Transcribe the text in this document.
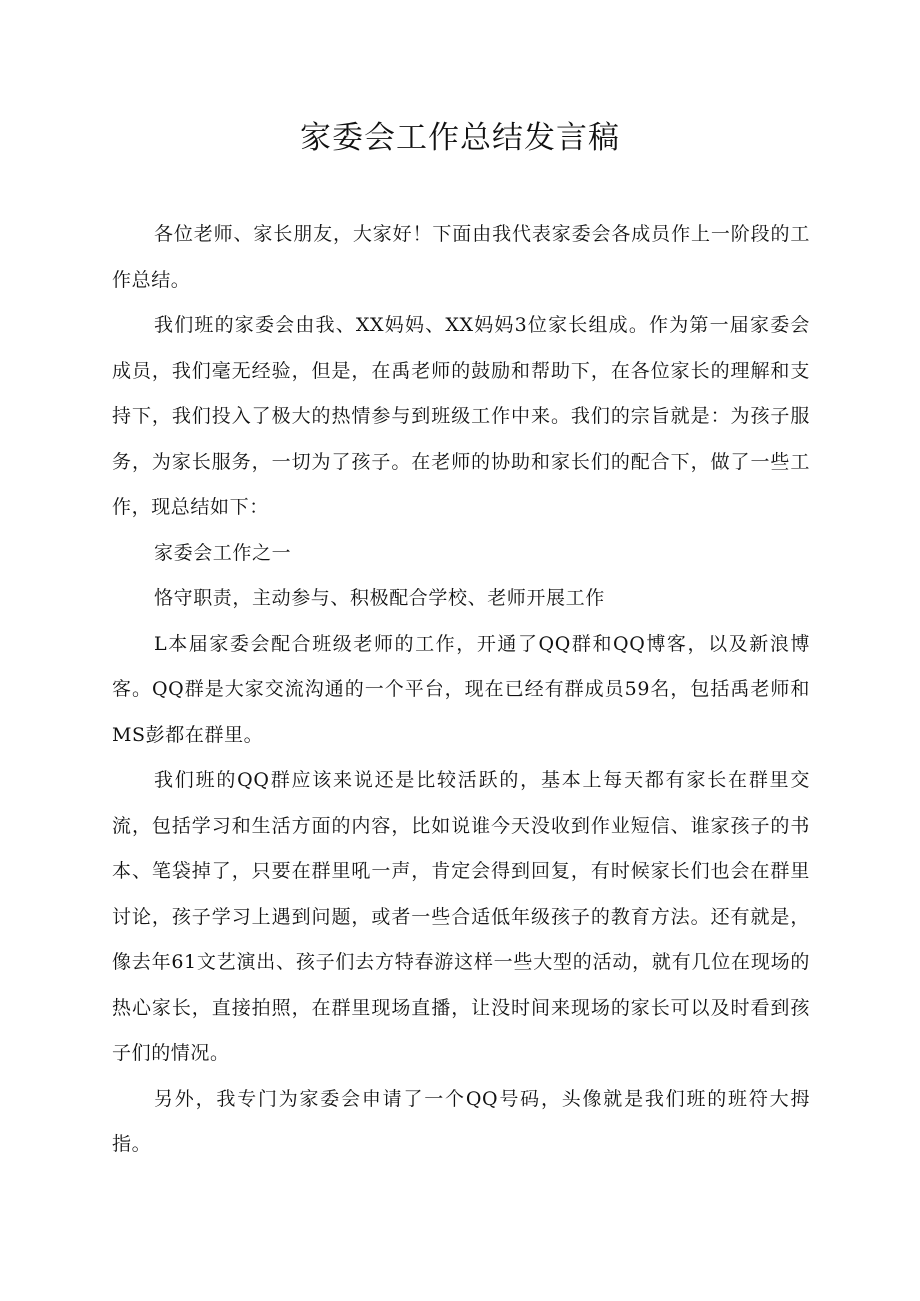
家委会工作总结发言稿

各位老师、家长朋友，大家好！下面由我代表家委会各成员作上一阶段的工作总结。

我们班的家委会由我、XX妈妈、XX妈妈3位家长组成。作为第一届家委会成员，我们毫无经验，但是，在禹老师的鼓励和帮助下，在各位家长的理解和支持下，我们投入了极大的热情参与到班级工作中来。我们的宗旨就是：为孩子服务，为家长服务，一切为了孩子。在老师的协助和家长们的配合下，做了一些工作，现总结如下：

家委会工作之一

恪守职责，主动参与、积极配合学校、老师开展工作

L本届家委会配合班级老师的工作，开通了QQ群和QQ博客，以及新浪博客。QQ群是大家交流沟通的一个平台，现在已经有群成员59名，包括禹老师和MS彭都在群里。

我们班的QQ群应该来说还是比较活跃的，基本上每天都有家长在群里交流，包括学习和生活方面的内容，比如说谁今天没收到作业短信、谁家孩子的书本、笔袋掉了，只要在群里吼一声，肯定会得到回复，有时候家长们也会在群里讨论，孩子学习上遇到问题，或者一些合适低年级孩子的教育方法。还有就是，像去年61文艺演出、孩子们去方特春游这样一些大型的活动，就有几位在现场的热心家长，直接拍照，在群里现场直播，让没时间来现场的家长可以及时看到孩子们的情况。

另外，我专门为家委会申请了一个QQ号码，头像就是我们班的班符大拇指。
